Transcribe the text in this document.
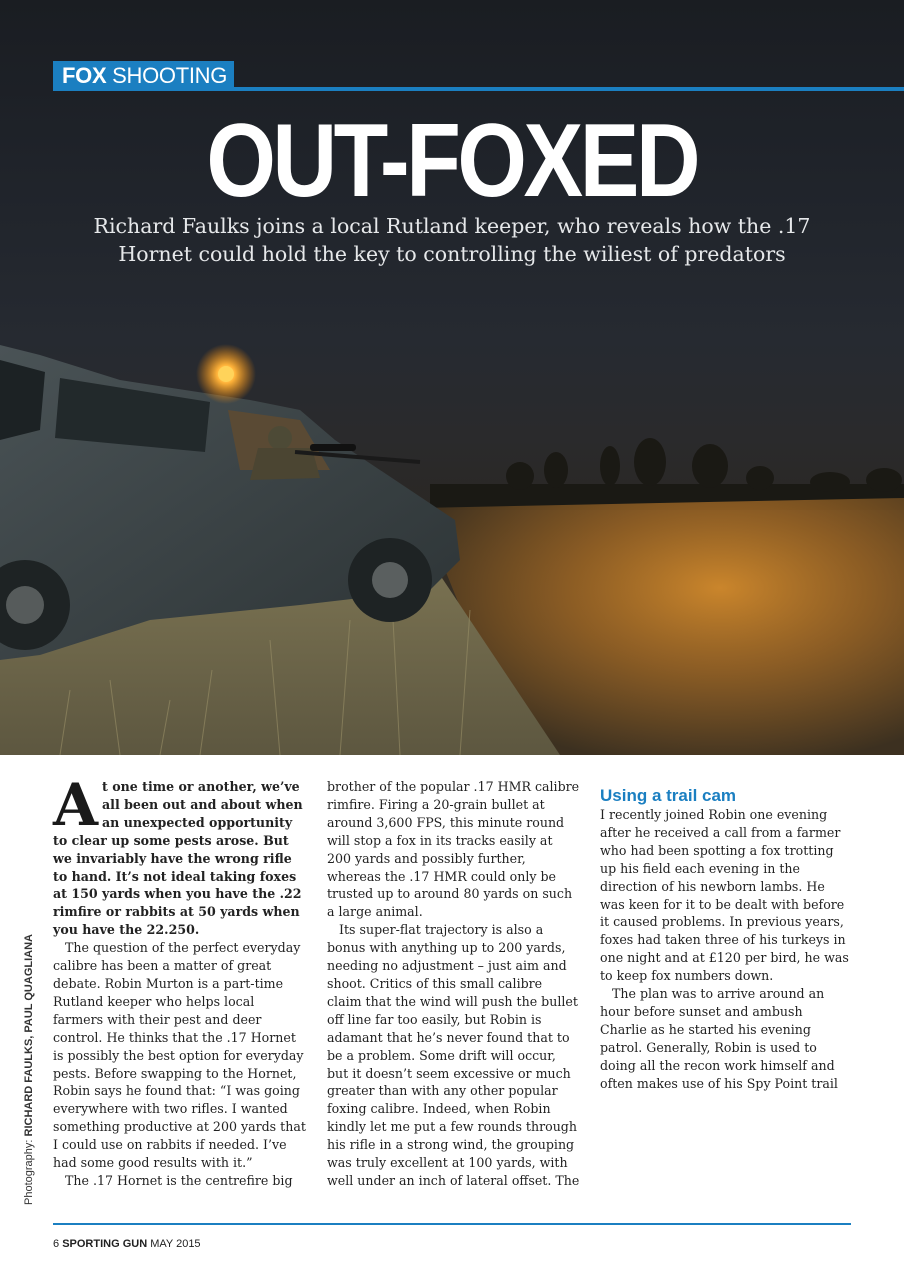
FOX SHOOTING
OUT-FOXED
Richard Faulks joins a local Rutland keeper, who reveals how the .17 Hornet could hold the key to controlling the wiliest of predators
Photography: RICHARD FAULKS, PAUL QUAGLIANA

At one time or another, we’ve all been out and about when an unexpected opportunity to clear up some pests arose. But we invariably have the wrong rifle to hand. It’s not ideal taking foxes at 150 yards when you have the .22 rimfire or rabbits at 50 yards when you have the 22.250.

The question of the perfect everyday calibre has been a matter of great debate. Robin Murton is a part-time Rutland keeper who helps local farmers with their pest and deer control. He thinks that the .17 Hornet is possibly the best option for everyday pests. Before swapping to the Hornet, Robin says he found that: “I was going everywhere with two rifles. I wanted something productive at 200 yards that I could use on rabbits if needed. I’ve had some good results with it.”

The .17 Hornet is the centrefire big

brother of the popular .17 HMR calibre rimfire. Firing a 20-grain bullet at around 3,600 FPS, this minute round will stop a fox in its tracks easily at 200 yards and possibly further, whereas the .17 HMR could only be trusted up to around 80 yards on such a large animal.

Its super-flat trajectory is also a bonus with anything up to 200 yards, needing no adjustment – just aim and shoot. Critics of this small calibre claim that the wind will push the bullet off line far too easily, but Robin is adamant that he’s never found that to be a problem. Some drift will occur, but it doesn’t seem excessive or much greater than with any other popular foxing calibre. Indeed, when Robin kindly let me put a few rounds through his rifle in a strong wind, the grouping was truly excellent at 100 yards, with well under an inch of lateral offset. The

Using a trail cam

I recently joined Robin one evening after he received a call from a farmer who had been spotting a fox trotting up his field each evening in the direction of his newborn lambs. He was keen for it to be dealt with before it caused problems. In previous years, foxes had taken three of his turkeys in one night and at £120 per bird, he was to keep fox numbers down.

The plan was to arrive around an hour before sunset and ambush Charlie as he started his evening patrol. Generally, Robin is used to doing all the recon work himself and often makes use of his Spy Point trail

6 SPORTING GUN MAY 2015
